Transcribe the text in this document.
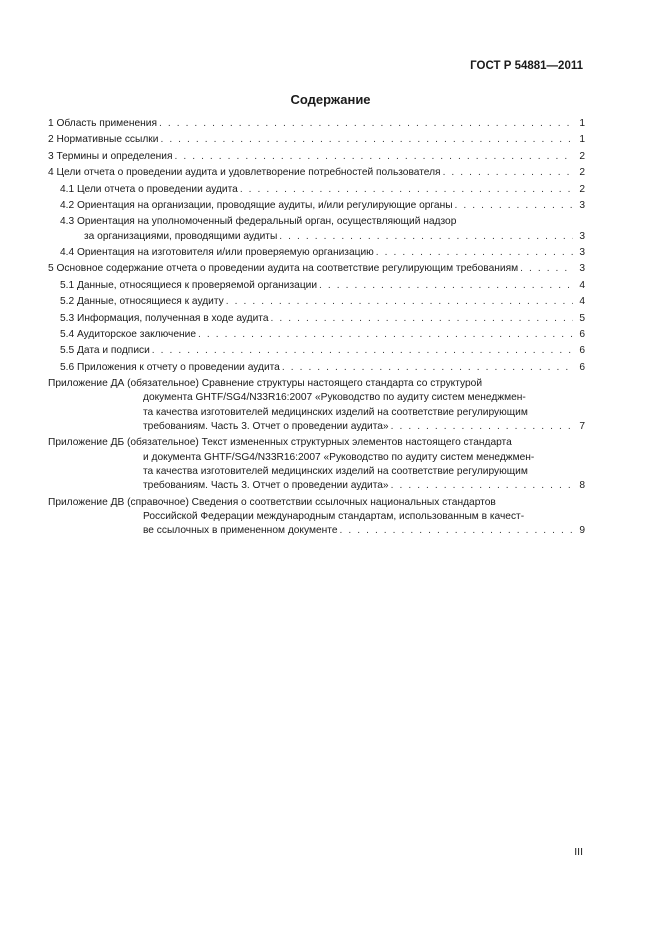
ГОСТ Р 54881—2011
Содержание
1 Область применения . . .	1
2 Нормативные ссылки . . .	1
3 Термины и определения . . .	2
4 Цели отчета о проведении аудита и удовлетворение потребностей пользователя . . .	2
4.1 Цели отчета о проведении аудита . . .	2
4.2 Ориентация на организации, проводящие аудиты, и/или регулирующие органы . . .	3
4.3 Ориентация на уполномоченный федеральный орган, осуществляющий надзор
за организациями, проводящими аудиты . . .	3
4.4 Ориентация на изготовителя и/или проверяемую организацию . . .	3
5 Основное содержание отчета о проведении аудита на соответствие регулирующим требованиям . . .	3
5.1 Данные, относящиеся к проверяемой организации . . .	4
5.2 Данные, относящиеся к аудиту . . .	4
5.3 Информация, полученная в ходе аудита . . .	5
5.4 Аудиторское заключение . . .	6
5.5 Дата и подписи . . .	6
5.6 Приложения к отчету о проведении аудита . . .	6
Приложение ДА (обязательное) Сравнение структуры настоящего стандарта со структурой
документа GHTF/SG4/N33R16:2007 «Руководство по аудиту систем менеджмен-
та качества изготовителей медицинских изделий на соответствие регулирующим
требованиям. Часть 3. Отчет о проведении аудита» . . .	7
Приложение ДБ (обязательное) Текст измененных структурных элементов настоящего стандарта
и документа GHTF/SG4/N33R16:2007 «Руководство по аудиту систем менеджмен-
та качества изготовителей медицинских изделий на соответствие регулирующим
требованиям. Часть 3. Отчет о проведении аудита» . . .	8
Приложение ДВ (справочное) Сведения о соответствии ссылочных национальных стандартов
Российской Федерации международным стандартам, использованным в качест-
ве ссылочных в примененном документе . . .	9
III
